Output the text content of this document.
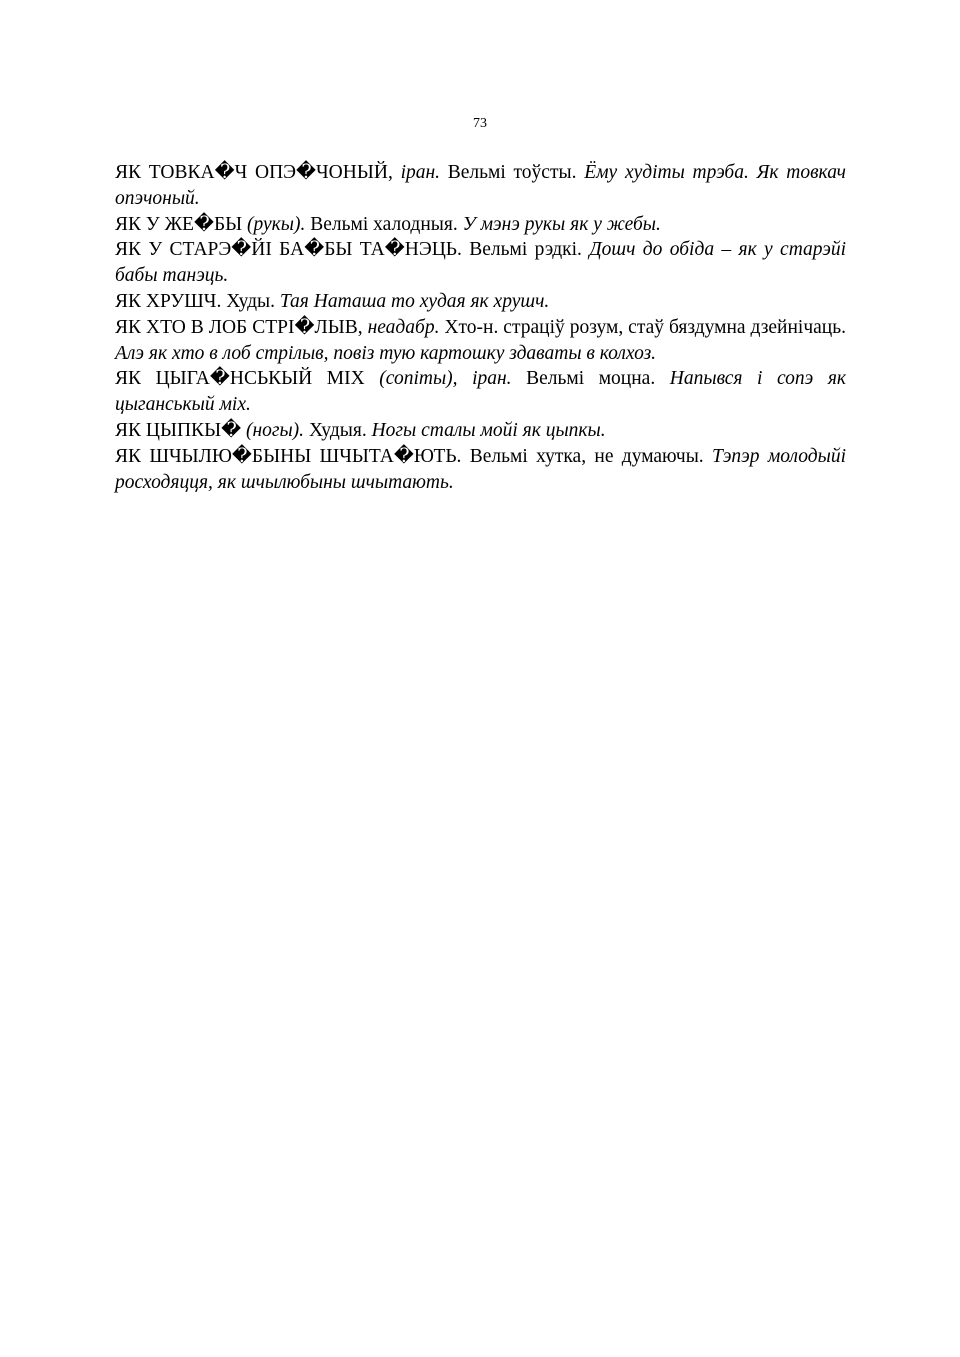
73

ЯК ТОВКА�Ч ОПЭ�ЧОНЫЙ, іран. Вельмі тоўсты. Ёму худіты трэба. Як товкач опэчоный.

ЯК У ЖЕ�БЫ (рукы). Вельмі халодныя. У мэнэ рукы як у жебы.

ЯК У СТАРЭ�ЙІ БА�БЫ ТА�НЭЦЬ. Вельмі рэдкі. Дошч до обіда – як у старэйі бабы танэць.

ЯК ХРУШЧ. Худы. Тая Наташа то худая як хрушч.

ЯК ХТО В ЛОБ СТРІ�ЛЫВ, неадабр. Хто-н. страціў розум, стаў бяздумна дзейнічаць. Алэ як хто в лоб стрілыв, повіз тую картошку здаваты в колхоз.

ЯК ЦЫГА�НСЬКЫЙ МІХ (сопіты), іран. Вельмі моцна. Напывся і сопэ як цыганськый міх.

ЯК ЦЫПКЫ� (ногы). Худыя. Ногы сталы мойі як цыпкы.

ЯК ШЧЫЛЮ�БЫНЫ ШЧЫТА�ЮТЬ. Вельмі хутка, не думаючы. Тэпэр молодыйі росходяцця, як шчылюбыны шчытають.
